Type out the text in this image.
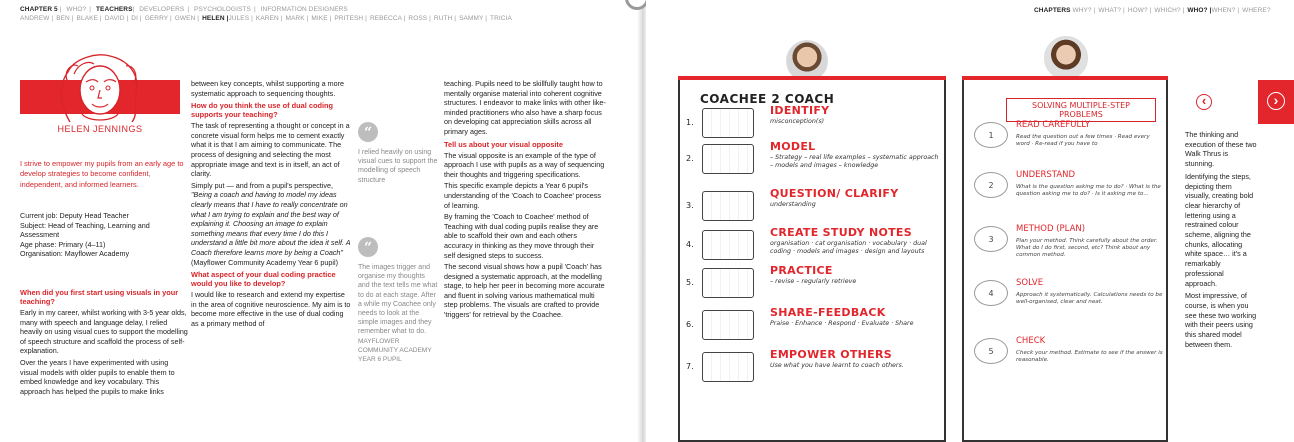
CHAPTER 5 | WHO? | TEACHERS| DEVELOPERS | PSYCHOLOGISTS | INFORMATION DESIGNERS
ANDREW | BEN | BLAKE | DAVID | DI | GERRY | GWEN | HELEN |JULES | KAREN | MARK | MIKE | PRITESH | REBECCA | ROSS | RUTH | SAMMY | TRICIA
HELEN JENNINGS
I strive to empower my pupils from an early age to develop strategies to become confident, independent, and informed learners.

Current job: Deputy Head Teacher

Subject: Head of Teaching, Learning and Assessment

Age phase: Primary (4–11)

Organisation: Mayflower Academy

When did you first start using visuals in your teaching?

Early in my career, whilst working with 3-5 year olds, many with speech and language delay, I relied heavily on using visual cues to support the modelling of speech structure and scaffold the process of self-explanation.

Over the years I have experimented with using visual models with older pupils to enable them to embed knowledge and key vocabulary. This approach has helped the pupils to make links

between key concepts, whilst supporting a more systematic approach to sequencing thoughts.

How do you think the use of dual coding supports your teaching?

The task of representing a thought or concept in a concrete visual form helps me to cement exactly what it is that I am aiming to communicate. The process of designing and selecting the most appropriate image and text is in itself, an act of clarity.

Simply put — and from a pupil's perspective, "Being a coach and having to model my ideas clearly means that I have to really concentrate on what I am trying to explain and the best way of explaining it. Choosing an image to explain something means that every time I do this I understand a little bit more about the idea it self. A Coach therefore learns more by being a Coach" (Mayflower Community Academy Year 6 pupil)

What aspect of your dual coding practice would you like to develop?

I would like to research and extend my expertise in the area of cognitive neuroscience. My aim is to become more effective in the use of dual coding as a primary method of

“
I relied heavily on using visual cues to support the modelling of speech structure
“
The images trigger and organise my thoughts and the text tells me what to do at each stage. After a while my Coachee only needs to look at the simple images and they remember what to do.
MAYFLOWER COMMUNITY ACADEMY YEAR 6 PUPIL

teaching. Pupils need to be skillfully taught how to mentally organise material into coherent cognitive structures. I endeavor to make links with other like-minded practitioners who also have a sharp focus on developing cat appreciation skills across all primary ages.

Tell us about your visual opposite

The visual opposite is an example of the type of approach I use with pupils as a way of sequencing their thoughts and triggering specifications.

This specific example depicts a Year 6 pupil's understanding of the 'Coach to Coachee' process of learning.

By framing the 'Coach to Coachee' method of Teaching with dual coding pupils realise they are able to scaffold their own and each others accuracy in thinking as they move through their self designed steps to success.

The second visual shows how a pupil 'Coach' has designed a systematic approach, at the modelling stage, to help her peer in becoming more accurate and fluent in solving various mathematical multi step problems. The visuals are crafted to provide 'triggers' for retrieval by the Coachee.

CHAPTERS WHY? | WHAT? | HOW? | WHICH? | WHO? |WHEN? | WHERE?
COACHEE 2 COACH
1.
IDENTIFY
misconception(s)
2.
MODEL
– Strategy – real life examples – systematic approach – models and images – knowledge
3.
QUESTION/ CLARIFY
understanding
4.
CREATE STUDY NOTES
organisation · cat organisation · vocabulary · dual coding · models and images · design and layouts
5.
PRACTICE
– revise – regularly retrieve
6.
SHARE-FEEDBACK
Praise · Enhance · Respond · Evaluate · Share
7.
EMPOWER OTHERS
Use what you have learnt to coach others.
SOLVING MULTIPLE-STEP PROBLEMS
1
READ CAREFULLY
Read the question out a few times · Read every word · Re-read if you have to
2
UNDERSTAND
What is the question asking me to do? · What is the question asking me to do? · Is it asking me to...
3
METHOD (PLAN)
Plan your method. Think carefully about the order. What do I do first, second, etc? Think about any common method.
4
SOLVE
Approach it systematically. Calculations needs to be well-organised, clear and neat.
5
CHECK
Check your method. Estimate to see if the answer is reasonable.
‹	›

The thinking and execution of these two Walk Thrus is stunning.

Identifying the steps, depicting them visually, creating bold clear hierarchy of lettering using a restrained colour scheme, aligning the chunks, allocating white space… it's a remarkably professional approach.

Most impressive, of course, is when you see these two working with their peers using this shared model between them.
